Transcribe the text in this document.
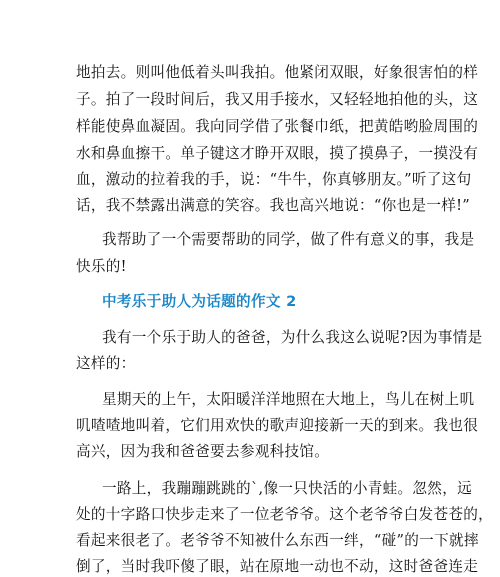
地拍去。则叫他低着头叫我拍。他紧闭双眼，好象很害怕的样
子。拍了一段时间后，我又用手接水，又轻轻地拍他的头，这
样能使鼻血凝固。我向同学借了张餐巾纸，把黄皓哟脸周围的
水和鼻血擦干。单子键这才睁开双眼，摸了摸鼻子，一摸没有
血，激动的拉着我的手，说：“牛牛，你真够朋友。”听了这句
话，我不禁露出满意的笑容。我也高兴地说：“你也是一样!”
我帮助了一个需要帮助的同学，做了件有意义的事，我是
快乐的!
中考乐于助人为话题的作文 2
我有一个乐于助人的爸爸，为什么我这么说呢?因为事情是
这样的：
星期天的上午，太阳暖洋洋地照在大地上，鸟儿在树上叽
叽喳喳地叫着，它们用欢快的歌声迎接新一天的到来。我也很
高兴，因为我和爸爸要去参观科技馆。
一路上，我蹦蹦跳跳的`,像一只快活的小青蛙。忽然，远
处的十字路口快步走来了一位老爷爷。这个老爷爷白发苍苍的，
看起来很老了。老爷爷不知被什么东西一绊，“碰”的一下就摔
倒了，当时我吓傻了眼，站在原地一动也不动，这时爸爸连走
